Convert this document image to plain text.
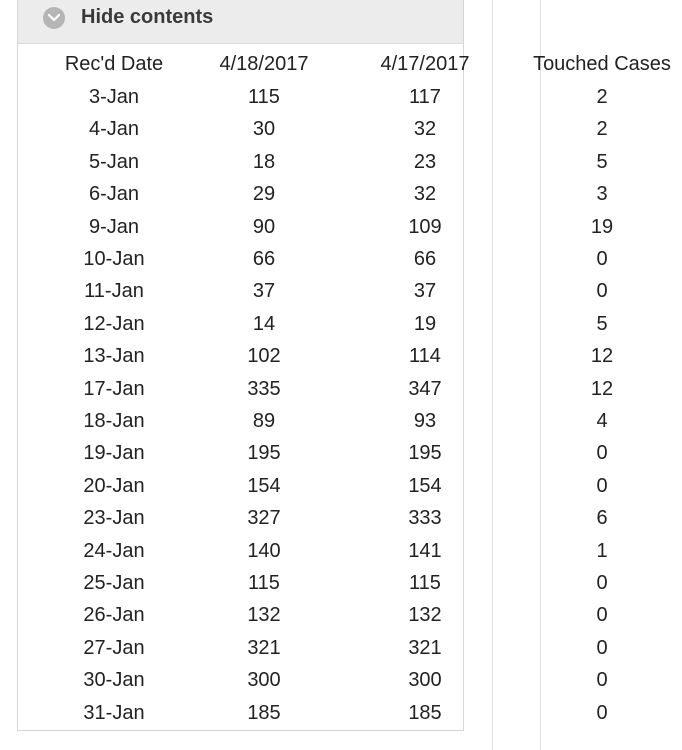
Hide contents
Rec'd Date	4/18/2017	4/17/2017	Touched Cases
3-Jan	115	117	2
4-Jan	30	32	2
5-Jan	18	23	5
6-Jan	29	32	3
9-Jan	90	109	19
10-Jan	66	66	0
11-Jan	37	37	0
12-Jan	14	19	5
13-Jan	102	114	12
17-Jan	335	347	12
18-Jan	89	93	4
19-Jan	195	195	0
20-Jan	154	154	0
23-Jan	327	333	6
24-Jan	140	141	1
25-Jan	115	115	0
26-Jan	132	132	0
27-Jan	321	321	0
30-Jan	300	300	0
31-Jan	185	185	0
